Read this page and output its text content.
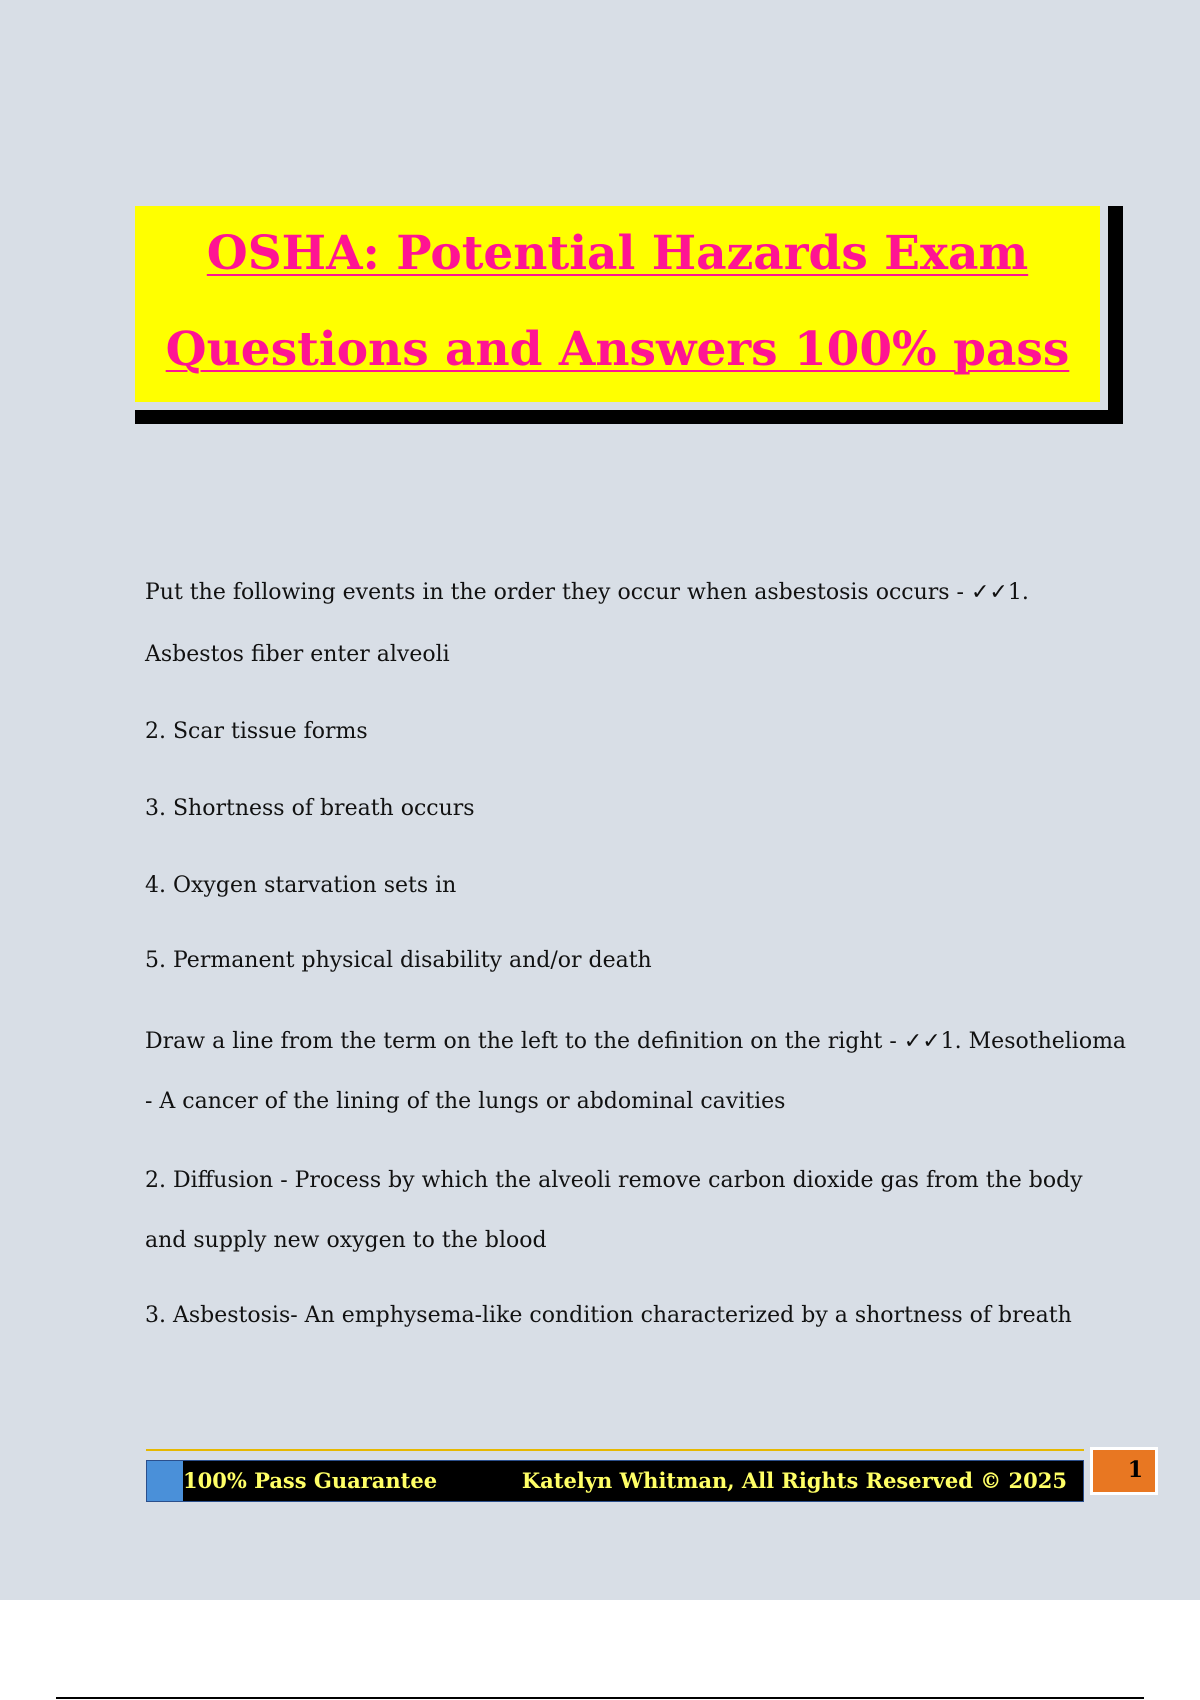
OSHA: Potential Hazards Exam
Questions and Answers 100% pass
Put the following events in the order they occur when asbestosis occurs - ✓✓1.
Asbestos fiber enter alveoli
2. Scar tissue forms
3. Shortness of breath occurs
4. Oxygen starvation sets in
5. Permanent physical disability and/or death
Draw a line from the term on the left to the definition on the right - ✓✓1. Mesothelioma
- A cancer of the lining of the lungs or abdominal cavities
2. Diffusion - Process by which the alveoli remove carbon dioxide gas from the body
and supply new oxygen to the blood
3. Asbestosis- An emphysema-like condition characterized by a shortness of breath
100% Pass Guarantee	Katelyn Whitman, All Rights Reserved © 2025	1
